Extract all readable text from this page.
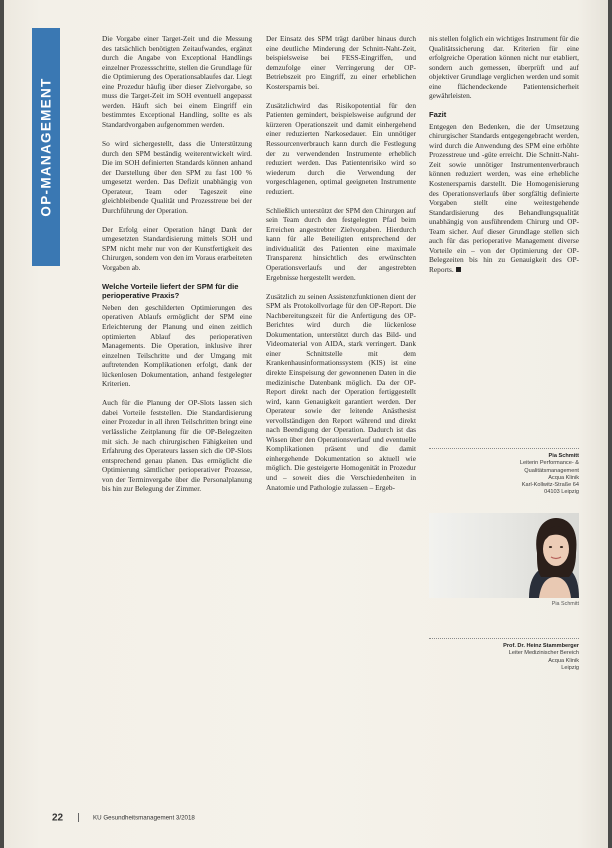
OP-MANAGEMENT

Die Vorgabe einer Target-Zeit und die Messung des tatsächlich benötigten Zeitaufwandes, ergänzt durch die Angabe von Exceptional Handlings einzelner Prozessschritte, stellen die Grundlage für die Optimierung des Operationsablaufes dar. Liegt eine Prozedur häufig über dieser Zielvorgabe, so muss die Target-Zeit im SOH eventuell angepasst werden. Häuft sich bei einem Eingriff ein bestimmtes Exceptional Handling, sollte es als Standardvorgaben aufgenommen werden.

So wird sichergestellt, dass die Unterstützung durch den SPM beständig weiterentwickelt wird. Die im SOH definierten Standards können anhand der Darstellung über den SPM zu fast 100 % umgesetzt werden. Das Defizit unabhängig von Operateur, Team oder Tageszeit eine gleichbleibende Qualität und Prozesstreue bei der Durchführung der Operation.

Der Erfolg einer Operation hängt Dank der umgesetzten Standardisierung mittels SOH und SPM nicht mehr nur von der Kunstfertigkeit des Chirurgen, sondern von den im Voraus erarbeiteten Vorgaben ab.

Welche Vorteile liefert der SPM für die perioperative Praxis?

Neben den geschilderten Optimierungen des operativen Ablaufs ermöglicht der SPM eine Erleichterung der Planung und einen zeitlich optimierten Ablauf des perioperativen Managements. Die Operation, inklusive ihrer einzelnen Teilschritte und der Umgang mit auftretenden Komplikationen erfolgt, dank der lückenlosen Dokumentation, anhand festgelegter Kriterien.

Auch für die Planung der OP-Slots lassen sich dabei Vorteile feststellen. Die Standardisierung einer Prozedur in all ihren Teilschritten bringt eine verlässliche Zeitplanung für die OP-Belegzeiten mit sich. Je nach chirurgischen Fähigkeiten und Erfahrung des Operateurs lassen sich die OP-Slots entsprechend genau planen. Das ermöglicht die Optimierung sämtlicher perioperativer Prozesse, von der Terminvergabe über die Personalplanung bis hin zur Belegung der Zimmer.

Der Einsatz des SPM trägt darüber hinaus durch eine deutliche Minderung der Schnitt-Naht-Zeit, beispielsweise bei FESS-Eingriffen, und demzufolge einer Verringerung der OP-Betriebszeit pro Eingriff, zu einer erheblichen Kostersparnis bei.

Zusätzlichwird das Risikopotential für den Patienten gemindert, beispielsweise aufgrund der kürzeren Operationszeit und damit einhergehend einer reduzierten Narkosedauer. Ein unnötiger Ressourcenverbrauch kann durch die Festlegung der zu verwendenden Instrumente erheblich reduziert werden. Das Patientenrisiko wird so wiederum durch die Verwendung der vorgeschlagenen, optimal geeigneten Instrumente reduziert.

Schließlich unterstützt der SPM den Chirurgen auf sein Team durch den festgelegten Pfad beim Erreichen angestrebter Zielvorgaben. Hierdurch kann für alle Beteiligten entsprechend der individualität des Patienten eine maximale Transparenz hinsichtlich des erwünschten Operationsverlaufs und der angestrebten Ergebnisse hergestellt werden.

Zusätzlich zu seinen Assistenzfunktionen dient der SPM als Protokollvorlage für den OP-Report. Die Nachbereitungszeit für die Anfertigung des OP-Berichtes wird durch die lückenlose Dokumentation, unterstützt durch das Bild- und Videomaterial von AIDA, stark verringert. Dank einer Schnittstelle mit dem Krankenhausinformationssystem (KIS) ist eine direkte Einspeisung der gewonnenen Daten in die medizinische Datenbank möglich. Da der OP-Report direkt nach der Operation fertiggestellt wird, kann Genauigkeit garantiert werden. Der Operateur sowie der leitende Anästhesist vervollständigen den Report während und direkt nach Beendigung der Operation. Dadurch ist das Wissen über den Operationsverlauf und eventuelle Komplikationen präsent und die damit einhergehende Dokumentation so aktuell wie möglich. Die gesteigerte Homogenität in Prozedur und – soweit dies die Verschiedenheiten in Anatomie und Pathologie zulassen – Ergeb-

nis stellen folglich ein wichtiges Instrument für die Qualitätssicherung dar. Kriterien für eine erfolgreiche Operation können nicht nur etabliert, sondern auch gemessen, überprüft und auf objektiver Grundlage verglichen werden und somit eine flächendeckende Patientensicherheit gewährleisten.

Fazit

Entgegen den Bedenken, die der Umsetzung chirurgischer Standards entgegengebracht werden, wird durch die Anwendung des SPM eine erhöhte Prozesstreue und -güte erreicht. Die Schnitt-Naht-Zeit sowie unnötiger Instrumentenverbrauch können reduziert werden, was eine erhebliche Kostenersparnis darstellt. Die Homogenisierung des Operationsverlaufs über sorgfältig definierte Vorgaben stellt eine weitestgehende Standardisierung des Behandlungsqualität unabhängig von ausführendem Chirurg und OP-Team sicher. Auf dieser Grundlage stellen sich auch für das perioperative Management diverse Vorteile ein – von der Optimierung der OP-Belegzeiten bis hin zu Genauigkeit des OP-Reports.

Pia Schmitt
Leiterin Performance- &
Qualitätsmanagement
Acqua Klinik
Karl-Kollwitz-Straße 64
04103 Leipzig
Pia Schmitt
Prof. Dr. Heinz Stammberger
Leiter Medizinischer Bereich
Acqua Klinik
Leipzig
22	KU Gesundheitsmanagement 3/2018
